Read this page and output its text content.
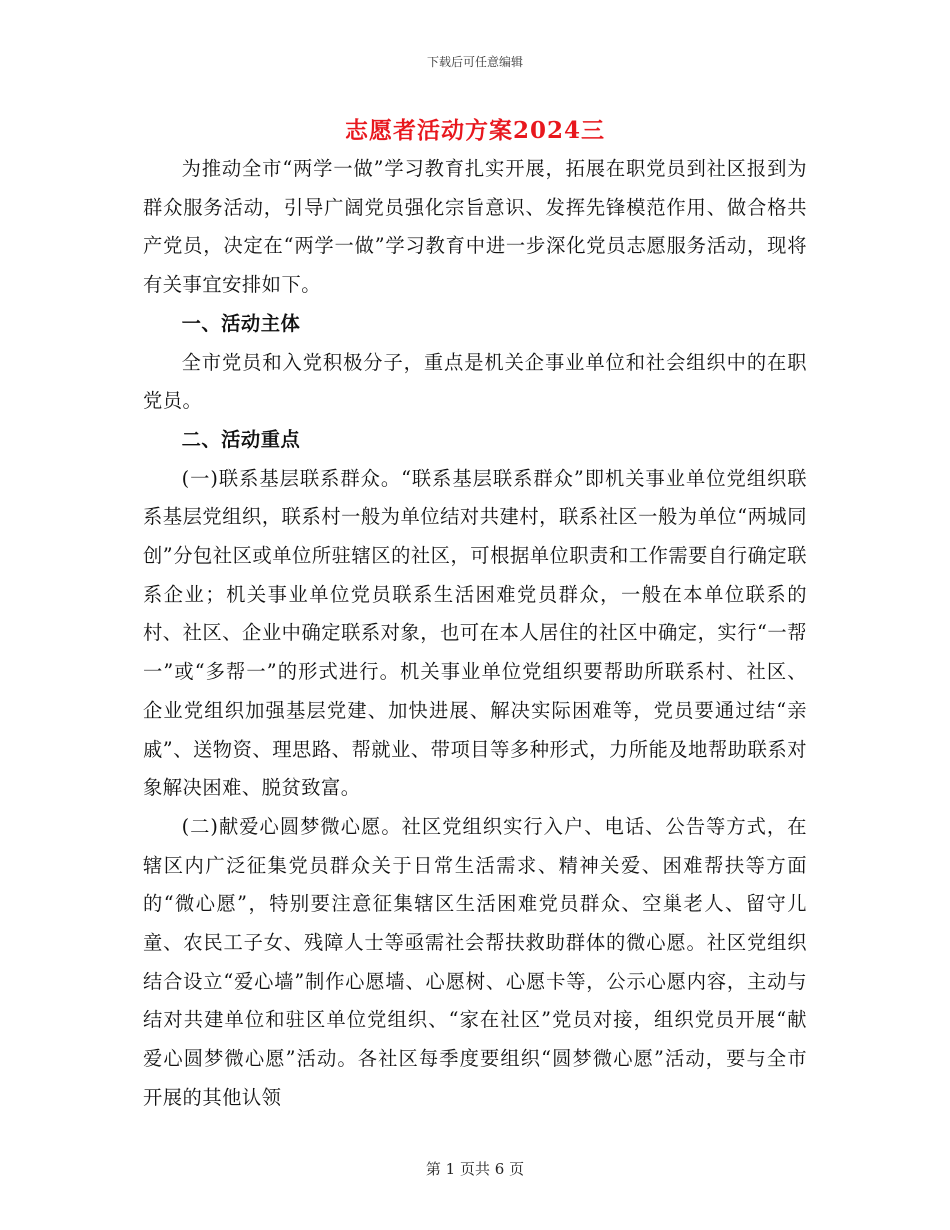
下载后可任意编辑
志愿者活动方案2024三

为推动全市“两学一做”学习教育扎实开展，拓展在职党员到社区报到为群众服务活动，引导广阔党员强化宗旨意识、发挥先锋模范作用、做合格共产党员，决定在“两学一做”学习教育中进一步深化党员志愿服务活动，现将有关事宜安排如下。

一、活动主体

全市党员和入党积极分子，重点是机关企事业单位和社会组织中的在职党员。

二、活动重点

(一)联系基层联系群众。“联系基层联系群众”即机关事业单位党组织联系基层党组织，联系村一般为单位结对共建村，联系社区一般为单位“两城同创”分包社区或单位所驻辖区的社区，可根据单位职责和工作需要自行确定联系企业；机关事业单位党员联系生活困难党员群众，一般在本单位联系的村、社区、企业中确定联系对象，也可在本人居住的社区中确定，实行“一帮一”或“多帮一”的形式进行。机关事业单位党组织要帮助所联系村、社区、企业党组织加强基层党建、加快进展、解决实际困难等，党员要通过结“亲戚”、送物资、理思路、帮就业、带项目等多种形式，力所能及地帮助联系对象解决困难、脱贫致富。

(二)献爱心圆梦微心愿。社区党组织实行入户、电话、公告等方式，在辖区内广泛征集党员群众关于日常生活需求、精神关爱、困难帮扶等方面的“微心愿”，特别要注意征集辖区生活困难党员群众、空巢老人、留守儿童、农民工子女、残障人士等亟需社会帮扶救助群体的微心愿。社区党组织结合设立“爱心墙”制作心愿墙、心愿树、心愿卡等，公示心愿内容，主动与结对共建单位和驻区单位党组织、“家在社区”党员对接，组织党员开展“献爱心圆梦微心愿”活动。各社区每季度要组织“圆梦微心愿”活动，要与全市开展的其他认领

第 1 页共 6 页
